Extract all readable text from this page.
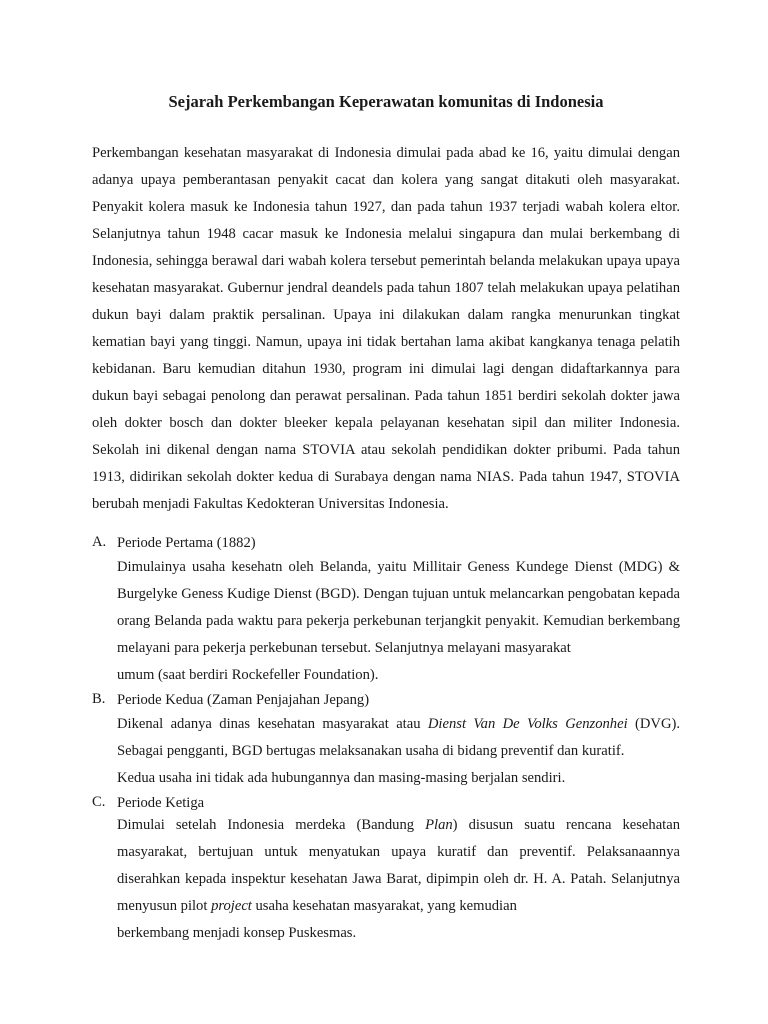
Sejarah Perkembangan Keperawatan komunitas di Indonesia

Perkembangan kesehatan masyarakat di Indonesia dimulai pada abad ke 16, yaitu dimulai dengan adanya upaya pemberantasan penyakit cacat dan kolera yang sangat ditakuti oleh masyarakat. Penyakit kolera masuk ke Indonesia tahun 1927, dan pada tahun 1937 terjadi wabah kolera eltor. Selanjutnya tahun 1948 cacar masuk ke Indonesia melalui singapura dan mulai berkembang di Indonesia, sehingga berawal dari wabah kolera tersebut pemerintah belanda melakukan upaya upaya kesehatan masyarakat. Gubernur jendral deandels pada tahun 1807 telah melakukan upaya pelatihan dukun bayi dalam praktik persalinan. Upaya ini dilakukan dalam rangka menurunkan tingkat kematian bayi yang tinggi. Namun, upaya ini tidak bertahan lama akibat kangkanya tenaga pelatih kebidanan. Baru kemudian ditahun 1930, program ini dimulai lagi dengan didaftarkannya para dukun bayi sebagai penolong dan perawat persalinan. Pada tahun 1851 berdiri sekolah dokter jawa oleh dokter bosch dan dokter bleeker kepala pelayanan kesehatan sipil dan militer Indonesia. Sekolah ini dikenal dengan nama STOVIA atau sekolah pendidikan dokter pribumi. Pada tahun 1913, didirikan sekolah dokter kedua di Surabaya dengan nama NIAS. Pada tahun 1947, STOVIA berubah menjadi Fakultas Kedokteran Universitas Indonesia.

A. Periode Pertama (1882)
Dimulainya usaha kesehatn oleh Belanda, yaitu Millitair Geness Kundege Dienst (MDG) & Burgelyke Geness Kudige Dienst (BGD). Dengan tujuan untuk melancarkan pengobatan kepada orang Belanda pada waktu para pekerja perkebunan terjangkit penyakit. Kemudian berkembang melayani para pekerja perkebunan tersebut. Selanjutnya melayani masyarakat
umum (saat berdiri Rockefeller Foundation).
B. Periode Kedua (Zaman Penjajahan Jepang)
Dikenal adanya dinas kesehatan masyarakat atau Dienst Van De Volks Genzonhei (DVG). Sebagai pengganti, BGD bertugas melaksanakan usaha di bidang preventif dan kuratif.
Kedua usaha ini tidak ada hubungannya dan masing-masing berjalan sendiri.
C. Periode Ketiga
Dimulai setelah Indonesia merdeka (Bandung Plan) disusun suatu rencana kesehatan masyarakat, bertujuan untuk menyatukan upaya kuratif dan preventif. Pelaksanaannya diserahkan kepada inspektur kesehatan Jawa Barat, dipimpin oleh dr. H. A. Patah. Selanjutnya menyusun pilot project usaha kesehatan masyarakat, yang kemudian
berkembang menjadi konsep Puskesmas.
